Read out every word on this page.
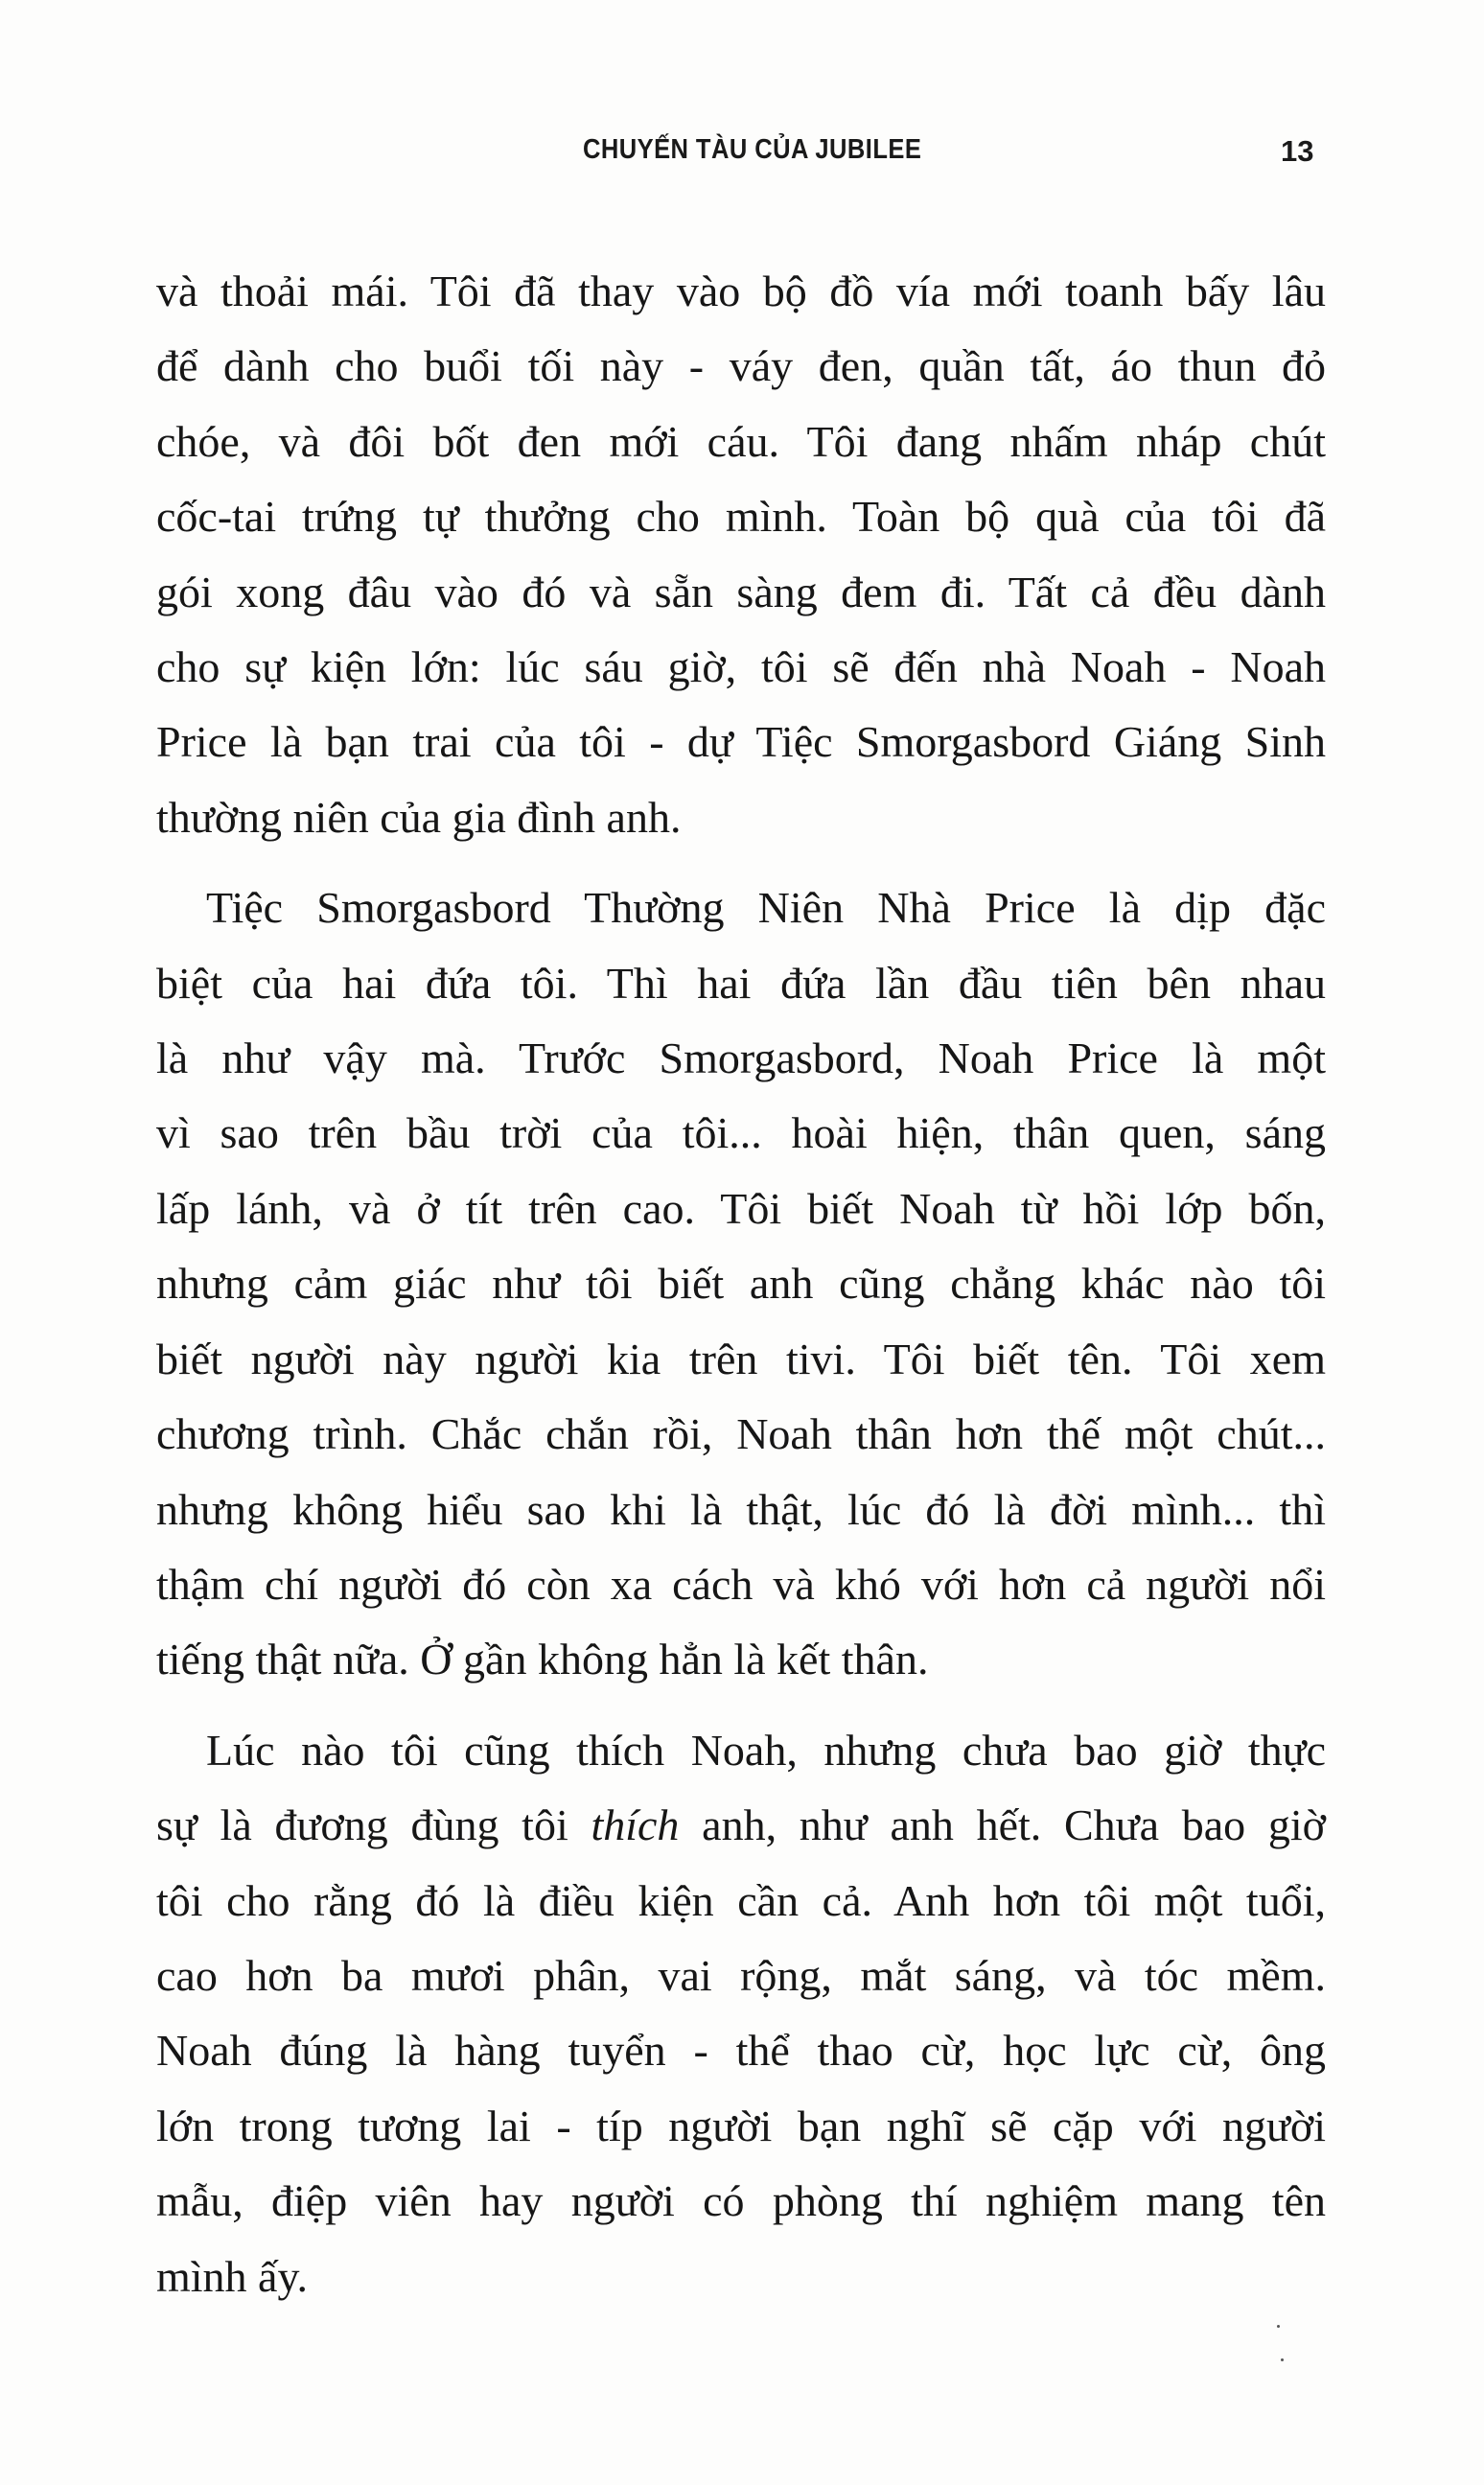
CHUYẾN TÀU CỦA JUBILEE	13

và thoải mái. Tôi đã thay vào bộ đồ vía mới toanh bấy lâu
để dành cho buổi tối này - váy đen, quần tất, áo thun đỏ
chóe, và đôi bốt đen mới cáu. Tôi đang nhấm nháp chút
cốc-tai trứng tự thưởng cho mình. Toàn bộ quà của tôi đã
gói xong đâu vào đó và sẵn sàng đem đi. Tất cả đều dành
cho sự kiện lớn: lúc sáu giờ, tôi sẽ đến nhà Noah - Noah
Price là bạn trai của tôi - dự Tiệc Smorgasbord Giáng Sinh
thường niên của gia đình anh.

Tiệc Smorgasbord Thường Niên Nhà Price là dịp đặc
biệt của hai đứa tôi. Thì hai đứa lần đầu tiên bên nhau
là như vậy mà. Trước Smorgasbord, Noah Price là một
vì sao trên bầu trời của tôi... hoài hiện, thân quen, sáng
lấp lánh, và ở tít trên cao. Tôi biết Noah từ hồi lớp bốn,
nhưng cảm giác như tôi biết anh cũng chẳng khác nào tôi
biết người này người kia trên tivi. Tôi biết tên. Tôi xem
chương trình. Chắc chắn rồi, Noah thân hơn thế một chút...
nhưng không hiểu sao khi là thật, lúc đó là đời mình... thì
thậm chí người đó còn xa cách và khó với hơn cả người nổi
tiếng thật nữa. Ở gần không hẳn là kết thân.

Lúc nào tôi cũng thích Noah, nhưng chưa bao giờ thực
sự là đương đùng tôi thích anh, như anh hết. Chưa bao giờ
tôi cho rằng đó là điều kiện cần cả. Anh hơn tôi một tuổi,
cao hơn ba mươi phân, vai rộng, mắt sáng, và tóc mềm.
Noah đúng là hàng tuyển - thể thao cừ, học lực cừ, ông
lớn trong tương lai - típ người bạn nghĩ sẽ cặp với người
mẫu, điệp viên hay người có phòng thí nghiệm mang tên
mình ấy.
